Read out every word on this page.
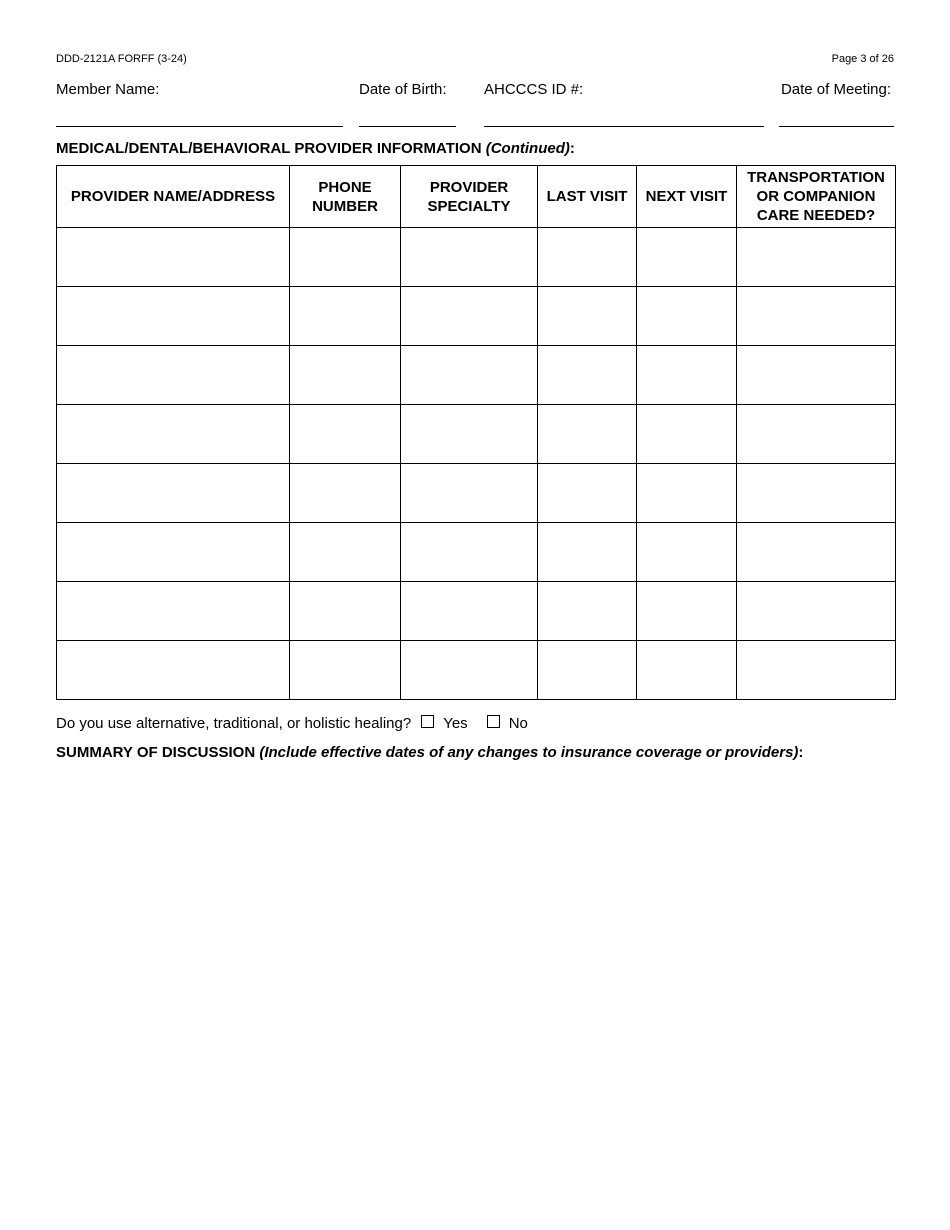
DDD-2121A FORFF (3-24)	Page 3 of 26
Member Name:	Date of Birth: AHCCCS ID #:	Date of Meeting:
MEDICAL/DENTAL/BEHAVIORAL PROVIDER INFORMATION (Continued):
PROVIDER NAME/ADDRESS	PHONE NUMBER	PROVIDER SPECIALTY	LAST VISIT	NEXT VISIT	TRANSPORTATION OR COMPANION CARE NEEDED?

Do you use alternative, traditional, or holistic healing? Yes	No
SUMMARY OF DISCUSSION (Include effective dates of any changes to insurance coverage or providers):
